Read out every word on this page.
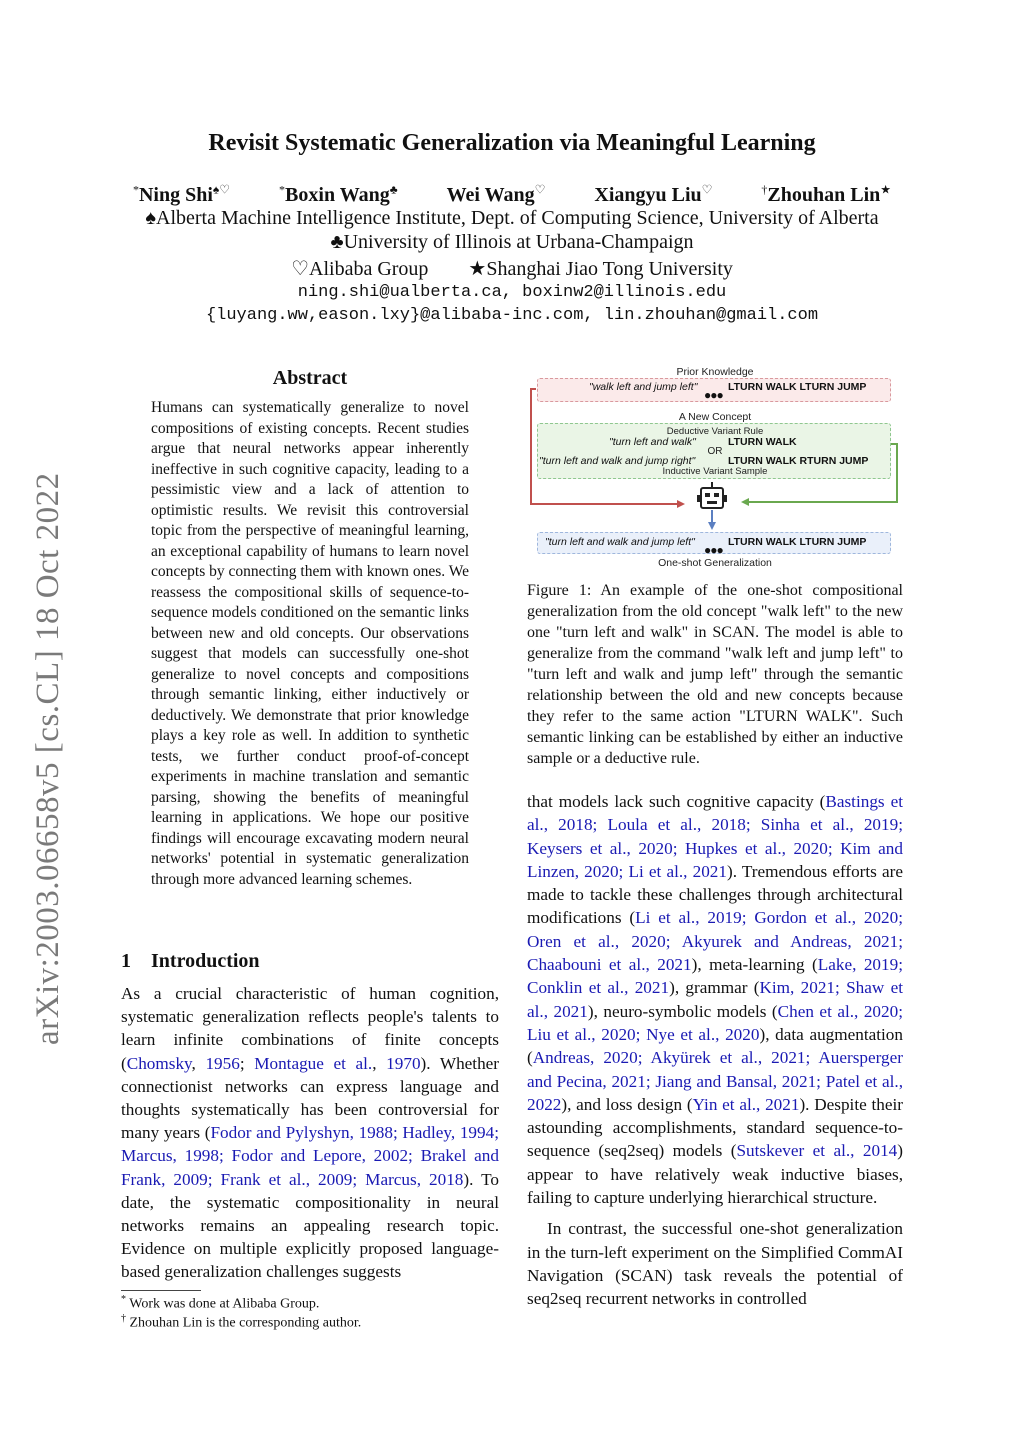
arXiv:2003.06658v5 [cs.CL] 18 Oct 2022
Revisit Systematic Generalization via Meaningful Learning
*Ning Shi♠♡	*Boxin Wang♣ Wei Wang♡ Xiangyu Liu♡	†Zhouhan Lin★
♠Alberta Machine Intelligence Institute, Dept. of Computing Science, University of Alberta
♣University of Illinois at Urbana-Champaign
♡Alibaba Group        ★Shanghai Jiao Tong University
ning.shi@ualberta.ca, boxinw2@illinois.edu
{luyang.ww,eason.lxy}@alibaba-inc.com, lin.zhouhan@gmail.com
Abstract
Humans can systematically generalize to novel compositions of existing concepts. Recent studies argue that neural networks appear inherently ineffective in such cognitive capacity, leading to a pessimistic view and a lack of attention to optimistic results. We revisit this controversial topic from the perspective of meaningful learning, an exceptional capability of humans to learn novel concepts by connecting them with known ones. We reassess the compositional skills of sequence-to-sequence models conditioned on the semantic links between new and old concepts. Our observations suggest that models can successfully one-shot generalize to novel concepts and compositions through semantic linking, either inductively or deductively. We demonstrate that prior knowledge plays a key role as well. In addition to synthetic tests, we further conduct proof-of-concept experiments in machine translation and semantic parsing, showing the benefits of meaningful learning in applications. We hope our positive findings will encourage excavating modern neural networks' potential in systematic generalization through more advanced learning schemes.
1    Introduction
As a crucial characteristic of human cognition, systematic generalization reflects people's talents to learn infinite combinations of finite concepts (Chomsky, 1956; Montague et al., 1970). Whether connectionist networks can express language and thoughts systematically has been controversial for many years (Fodor and Pylyshyn, 1988; Hadley, 1994; Marcus, 1998; Fodor and Lepore, 2002; Brakel and Frank, 2009; Frank et al., 2009; Marcus, 2018). To date, the systematic compositionality in neural networks remains an appealing research topic. Evidence on multiple explicitly proposed language-based generalization challenges suggests
* Work was done at Alibaba Group.
† Zhouhan Lin is the corresponding author.
Prior Knowledge
"walk left and jump left"	LTURN WALK LTURN JUMP
●●●
A New Concept
Deductive Variant Rule
"turn left and walk"	LTURN WALK
OR
"turn left and walk and jump right"	LTURN WALK RTURN JUMP
Inductive Variant Sample
"turn left and walk and jump left"	LTURN WALK LTURN JUMP
●●●
One-shot Generalization
Figure 1: An example of the one-shot compositional generalization from the old concept "walk left" to the new one "turn left and walk" in SCAN. The model is able to generalize from the command "walk left and jump left" to "turn left and walk and jump left" through the semantic relationship between the old and new concepts because they refer to the same action "LTURN WALK". Such semantic linking can be established by either an inductive sample or a deductive rule.

that models lack such cognitive capacity (Bastings et al., 2018; Loula et al., 2018; Sinha et al., 2019; Keysers et al., 2020; Hupkes et al., 2020; Kim and Linzen, 2020; Li et al., 2021). Tremendous efforts are made to tackle these challenges through architectural modifications (Li et al., 2019; Gordon et al., 2020; Oren et al., 2020; Akyurek and Andreas, 2021; Chaabouni et al., 2021), meta-learning (Lake, 2019; Conklin et al., 2021), grammar (Kim, 2021; Shaw et al., 2021), neuro-symbolic models (Chen et al., 2020; Liu et al., 2020; Nye et al., 2020), data augmentation (Andreas, 2020; Akyürek et al., 2021; Auersperger and Pecina, 2021; Jiang and Bansal, 2021; Patel et al., 2022), and loss design (Yin et al., 2021). Despite their astounding accomplishments, standard sequence-to-sequence (seq2seq) models (Sutskever et al., 2014) appear to have relatively weak inductive biases, failing to capture underlying hierarchical structure.

In contrast, the successful one-shot generalization in the turn-left experiment on the Simplified CommAI Navigation (SCAN) task reveals the potential of seq2seq recurrent networks in controlled
